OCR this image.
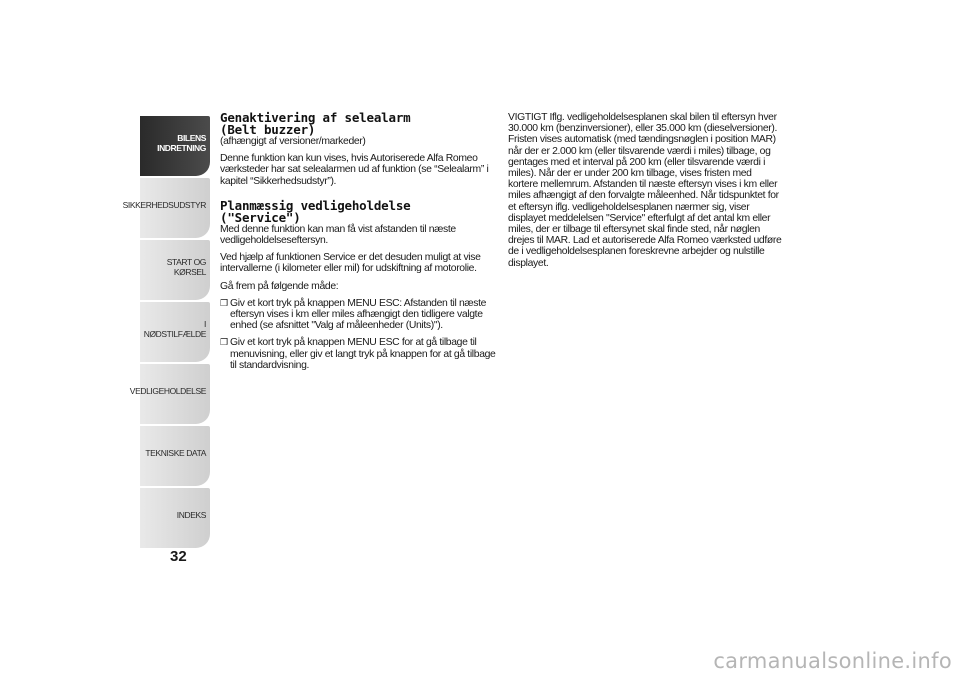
BILENS
INDRETNING
SIKKERHEDSUDSTYR
START OG KØRSEL
I NØDSTILFÆLDE
VEDLIGEHOLDELSE
TEKNISKE DATA
INDEKS
32
Genaktivering af selealarm
(Belt buzzer)
(afhængigt af versioner/markeder)

Denne funktion kan kun vises, hvis Autoriserede Alfa Romeo værksteder har sat selealarmen ud af funktion (se “Selealarm” i kapitel “Sikkerhedsudstyr”).

Planmæssig vedligeholdelse
("Service")

Med denne funktion kan man få vist afstanden til næste vedligeholdelseseftersyn.

Ved hjælp af funktionen Service er det desuden muligt at vise intervallerne (i kilometer eller mil) for udskiftning af motorolie.

Gå frem på følgende måde:

❒ Giv et kort tryk på knappen MENU ESC: Afstanden til næste eftersyn vises i km eller miles afhængigt den tidligere valgte enhed (se afsnittet "Valg af måleenheder (Units)").
❒ Giv et kort tryk på knappen MENU ESC for at gå tilbage til menuvisning, eller giv et langt tryk på knappen for at gå tilbage til standardvisning.

VIGTIGT Iflg. vedligeholdelsesplanen skal bilen til eftersyn hver 30.000 km (benzinversioner), eller 35.000 km (dieselversioner). Fristen vises automatisk (med tændingsnøglen i position MAR) når der er 2.000 km (eller tilsvarende værdi i miles) tilbage, og gentages med et interval på 200 km (eller tilsvarende værdi i miles). Når der er under 200 km tilbage, vises fristen med kortere mellemrum. Afstanden til næste eftersyn vises i km eller miles afhængigt af den forvalgte måleenhed. Når tidspunktet for et eftersyn iflg. vedligeholdelsesplanen nærmer sig, viser displayet meddelelsen "Service" efterfulgt af det antal km eller miles, der er tilbage til eftersynet skal finde sted, når nøglen drejes til MAR. Lad et autoriserede Alfa Romeo værksted udføre de i vedligeholdelsesplanen foreskrevne arbejder og nulstille displayet.

carmanualsonline.info
